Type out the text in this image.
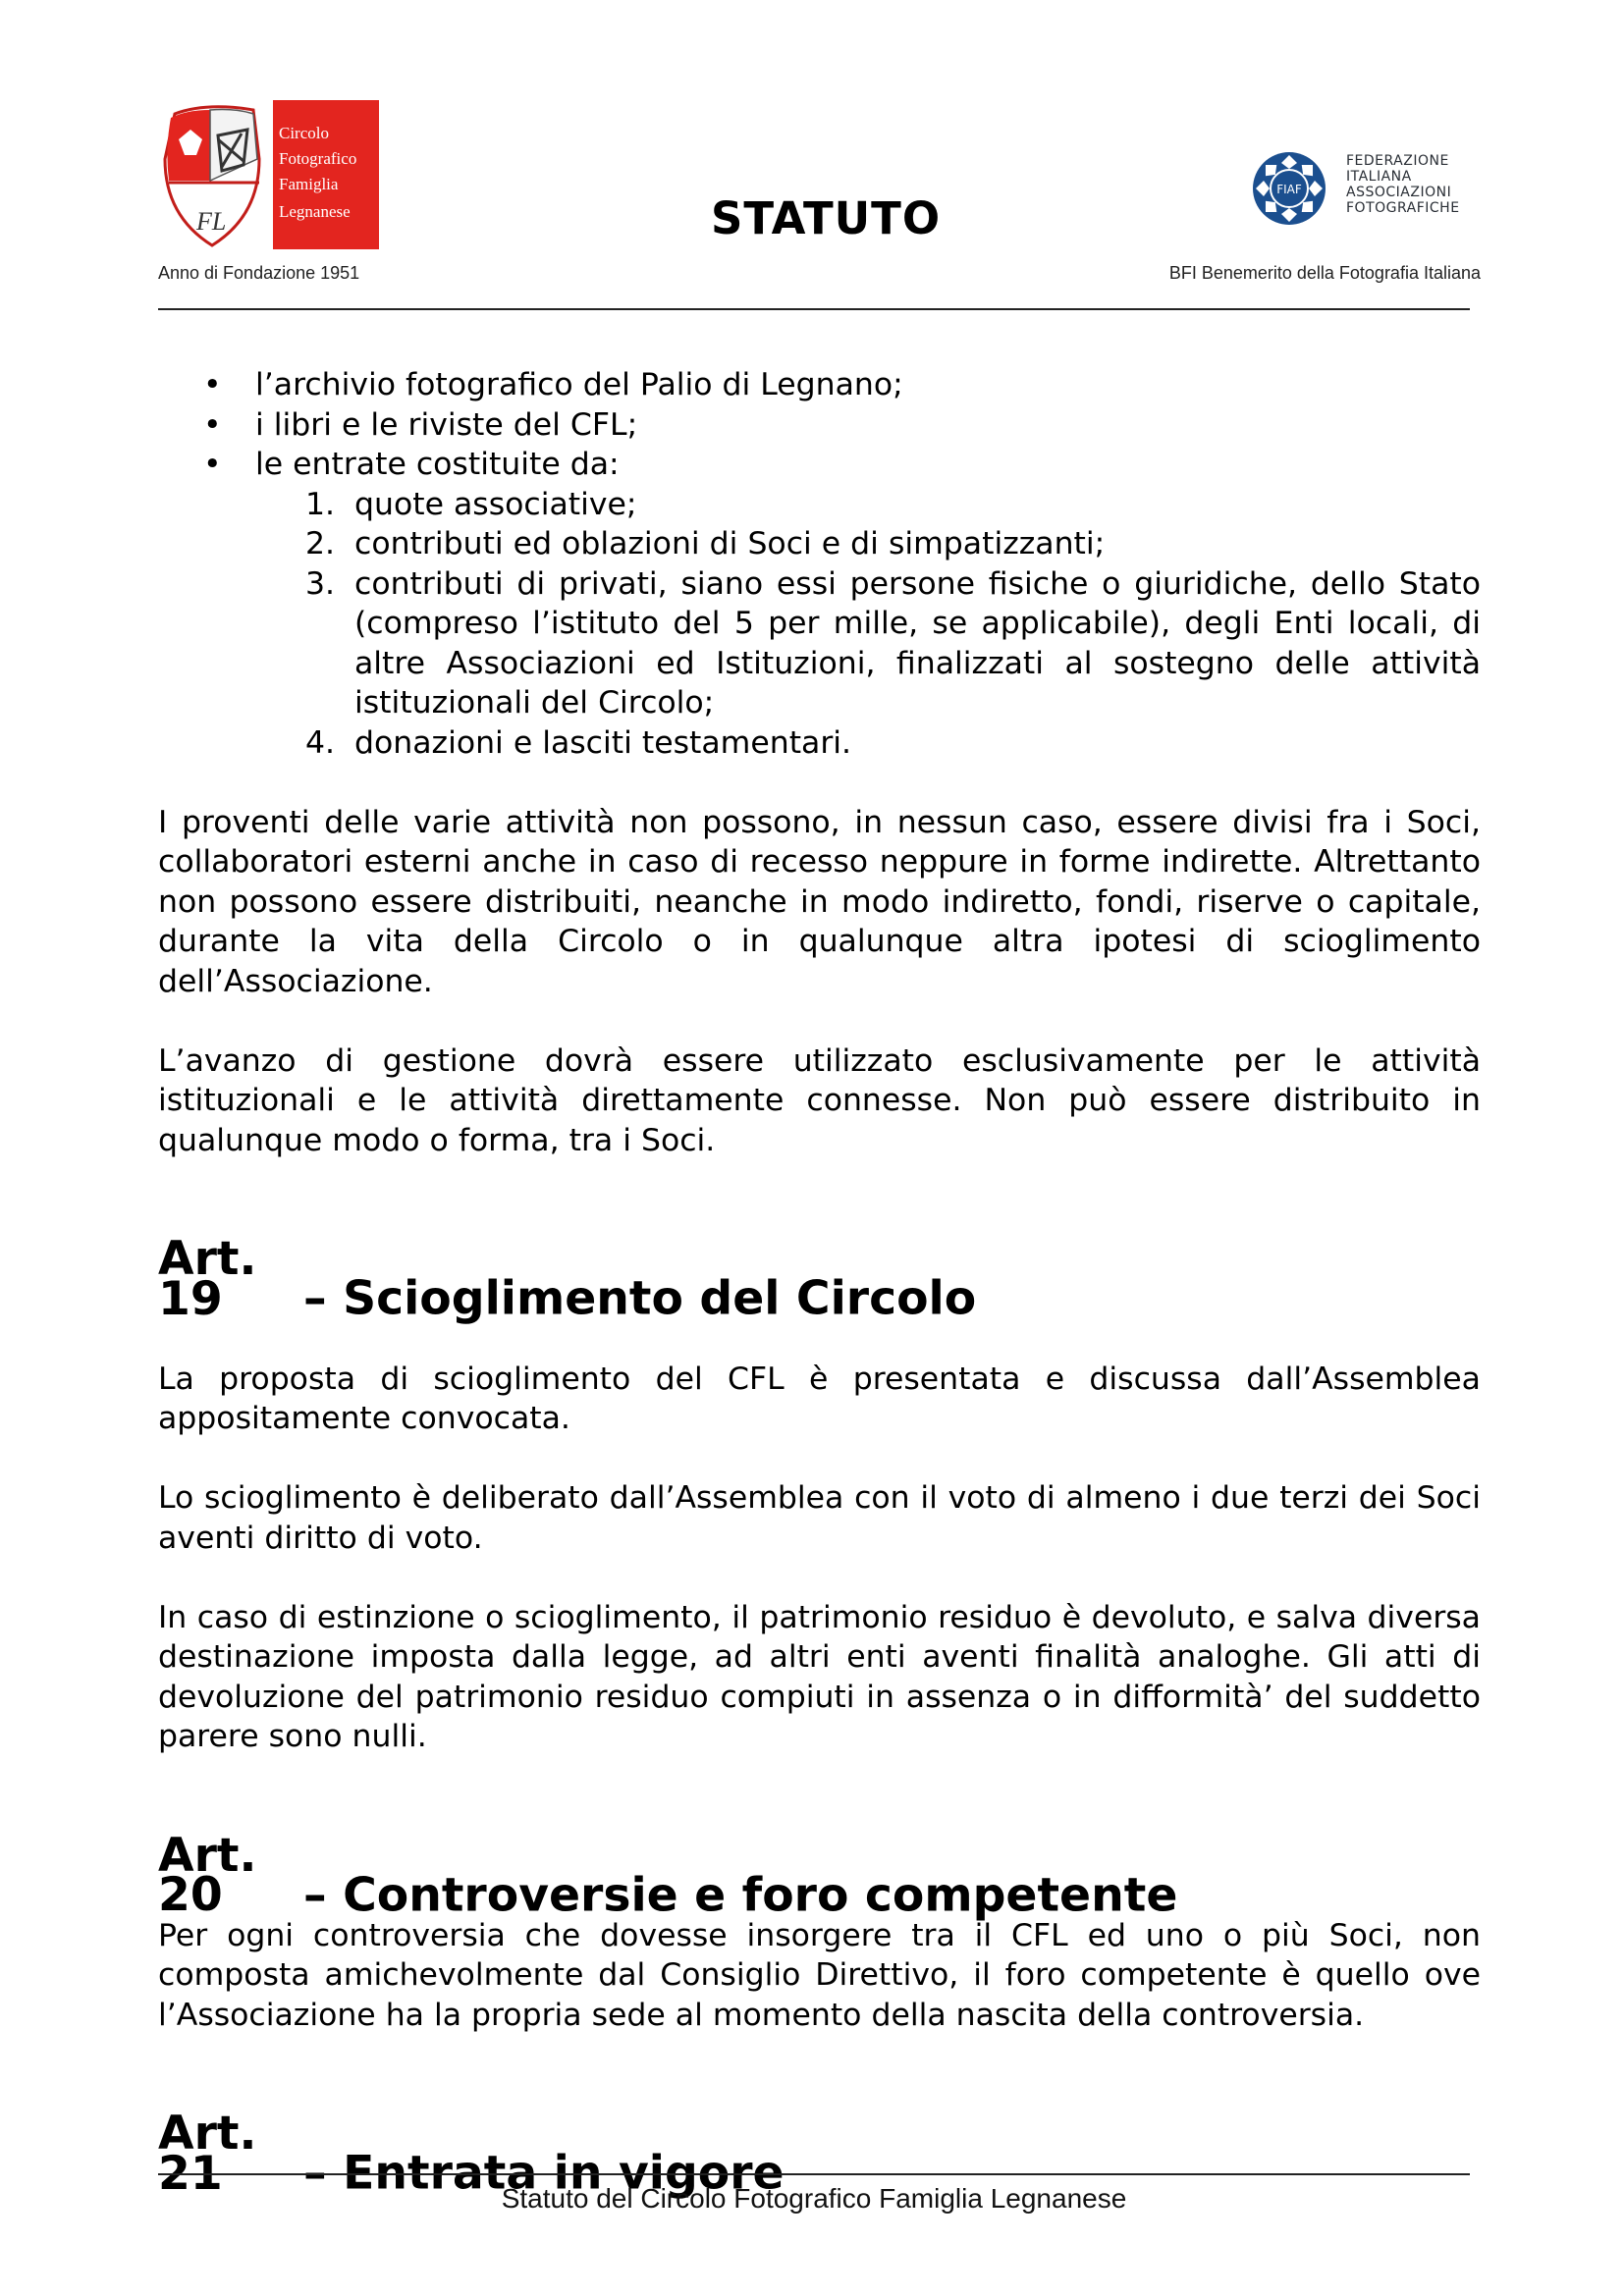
FL
Circolo
Fotografico
Famiglia
Legnanese	STATUTO
FIAF
FEDERAZIONE
ITALIANA
ASSOCIAZIONI
FOTOGRAFICHE
Anno di Fondazione 1951	BFI Benemerito della Fotografia Italiana
• l’archivio fotografico del Palio di Legnano;
• i libri e le riviste del CFL;
• le entrate costituite da:
1. quote associative;
2. contributi ed oblazioni di Soci e di simpatizzanti;
3. contributi di privati, siano essi persone fisiche o giuridiche, dello Stato (compreso l’istituto del 5 per mille, se applicabile), degli Enti locali, di altre Associazioni ed Istituzioni, finalizzati al sostegno delle attività istituzionali del Circolo;
4. donazioni e lasciti testamentari.

I proventi delle varie attività non possono, in nessun caso, essere divisi fra i Soci, collaboratori esterni anche in caso di recesso neppure in forme indirette. Altrettanto non possono essere distribuiti, neanche in modo indiretto, fondi, riserve o capitale, durante la vita della Circolo o in qualunque altra ipotesi di scioglimento dell’Associazione.

L’avanzo di gestione dovrà essere utilizzato esclusivamente per le attività istituzionali e le attività direttamente connesse. Non può essere distribuito in qualunque modo o forma, tra i Soci.

Art. 19 – Scioglimento del Circolo

La proposta di scioglimento del CFL è presentata e discussa dall’Assemblea appositamente convocata.

Lo scioglimento è deliberato dall’Assemblea con il voto di almeno i due terzi dei Soci aventi diritto di voto.

In caso di estinzione o scioglimento, il patrimonio residuo è devoluto, e salva diversa destinazione imposta dalla legge, ad altri enti aventi finalità analoghe. Gli atti di devoluzione del patrimonio residuo compiuti in assenza o in difformità’ del suddetto parere sono nulli.

Art. 20 – Controversie e foro competente

Per ogni controversia che dovesse insorgere tra il CFL ed uno o più Soci, non composta amichevolmente dal Consiglio Direttivo, il foro competente è quello ove l’Associazione ha la propria sede al momento della nascita della controversia.

Art. 21 – Entrata in vigore
Statuto del Circolo Fotografico Famiglia Legnanese
